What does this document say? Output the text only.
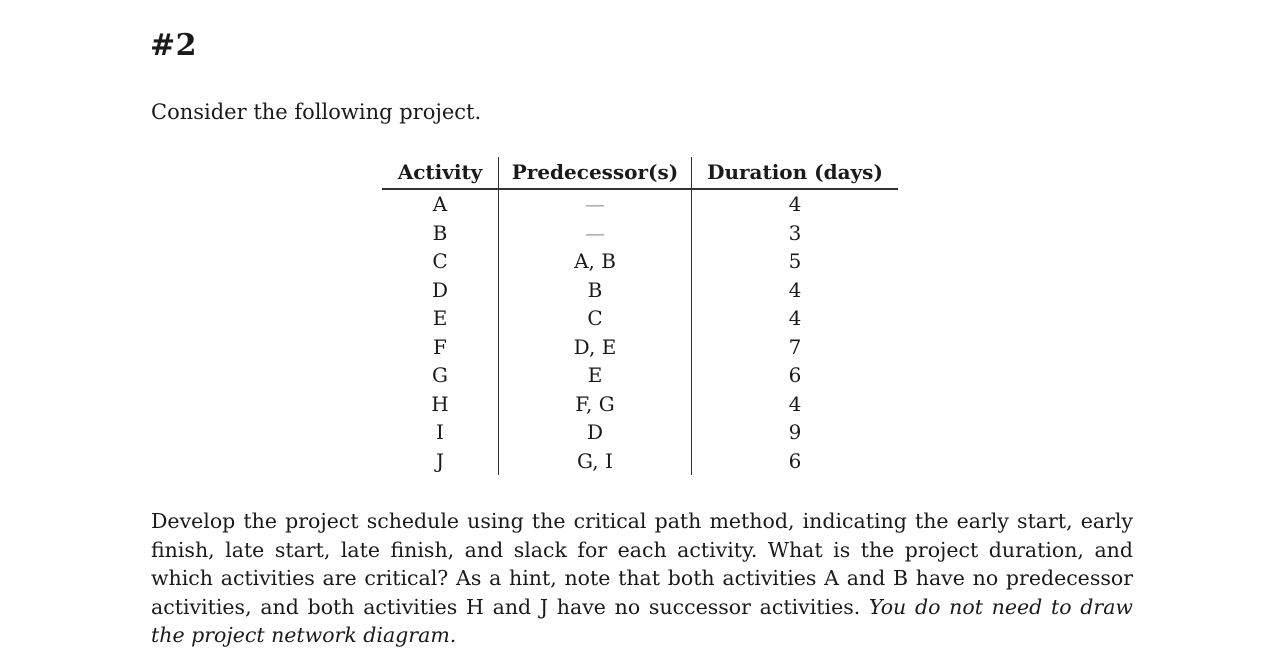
#2
Consider the following project.
Activity	Predecessor(s)	Duration (days)
A	—	4
B	—	3
C	A, B	5
D	B	4
E	C	4
F	D, E	7
G	E	6
H	F, G	4
I	D	9
J	G, I	6
Develop the project schedule using the critical path method, indicating the early start, early finish, late start, late finish, and slack for each activity. What is the project duration, and which activities are critical? As a hint, note that both activities A and B have no predecessor activities, and both activities H and J have no successor activities. You do not need to draw the project network diagram.
